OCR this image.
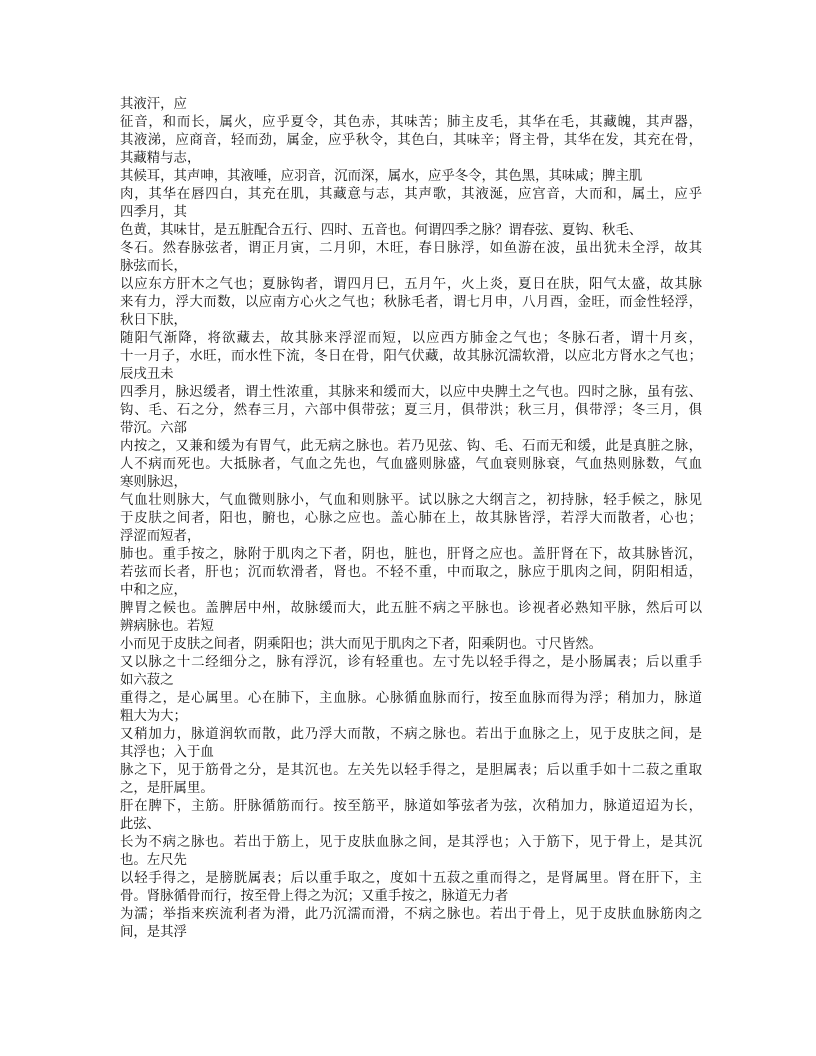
其液汗，应
征音，和而长，属火，应乎夏令，其色赤，其味苦；肺主皮毛，其华在毛，其藏魄，其声器，
其液涕，应商音，轻而劲，属金，应乎秋令，其色白，其味辛；肾主骨，其华在发，其充在骨，
其藏精与志，
其候耳，其声呻，其液唾，应羽音，沉而深，属水，应乎冬令，其色黑，其味咸；脾主肌
肉，其华在唇四白，其充在肌，其藏意与志，其声歌，其液涎，应宫音，大而和，属土，应乎
四季月，其
色黄，其味甘，是五脏配合五行、四时、五音也。何谓四季之脉？谓春弦、夏钩、秋毛、
冬石。然春脉弦者，谓正月寅，二月卯，木旺，春日脉浮，如鱼游在波，虽出犹未全浮，故其
脉弦而长，
以应东方肝木之气也；夏脉钩者，谓四月巳，五月午，火上炎，夏日在肤，阳气太盛，故其脉
来有力，浮大而数，以应南方心火之气也；秋脉毛者，谓七月申，八月酉，金旺，而金性轻浮，
秋日下肤，
随阳气渐降，将欲藏去，故其脉来浮涩而短，以应西方肺金之气也；冬脉石者，谓十月亥，
十一月子，水旺，而水性下流，冬日在骨，阳气伏藏，故其脉沉濡软滑，以应北方肾水之气也；
辰戌丑未
四季月，脉迟缓者，谓土性浓重，其脉来和缓而大，以应中央脾土之气也。四时之脉，虽有弦、
钩、毛、石之分，然春三月，六部中俱带弦；夏三月，俱带洪；秋三月，俱带浮；冬三月，俱
带沉。六部
内按之，又兼和缓为有胃气，此无病之脉也。若乃见弦、钩、毛、石而无和缓，此是真脏之脉，
人不病而死也。大抵脉者，气血之先也，气血盛则脉盛，气血衰则脉衰，气血热则脉数，气血
寒则脉迟，
气血壮则脉大，气血微则脉小，气血和则脉平。试以脉之大纲言之，初持脉，轻手候之，脉见
于皮肤之间者，阳也，腑也，心脉之应也。盖心肺在上，故其脉皆浮，若浮大而散者，心也；
浮涩而短者，
肺也。重手按之，脉附于肌肉之下者，阴也，脏也，肝肾之应也。盖肝肾在下，故其脉皆沉，
若弦而长者，肝也；沉而软滑者，肾也。不轻不重，中而取之，脉应于肌肉之间，阴阳相适，
中和之应，
脾胃之候也。盖脾居中州，故脉缓而大，此五脏不病之平脉也。诊视者必熟知平脉，然后可以
辨病脉也。若短
小而见于皮肤之间者，阴乘阳也；洪大而见于肌肉之下者，阳乘阴也。寸尺皆然。
又以脉之十二经细分之，脉有浮沉，诊有轻重也。左寸先以轻手得之，是小肠属表；后以重手
如六菽之
重得之，是心属里。心在肺下，主血脉。心脉循血脉而行，按至血脉而得为浮；稍加力，脉道
粗大为大；
又稍加力，脉道润软而散，此乃浮大而散，不病之脉也。若出于血脉之上，见于皮肤之间，是
其浮也；入于血
脉之下，见于筋骨之分，是其沉也。左关先以轻手得之，是胆属表；后以重手如十二菽之重取
之，是肝属里。
肝在脾下，主筋。肝脉循筋而行。按至筋平，脉道如筝弦者为弦，次稍加力，脉道迢迢为长，
此弦、
长为不病之脉也。若出于筋上，见于皮肤血脉之间，是其浮也；入于筋下，见于骨上，是其沉
也。左尺先
以轻手得之，是膀胱属表；后以重手取之，度如十五菽之重而得之，是肾属里。肾在肝下，主
骨。肾脉循骨而行，按至骨上得之为沉；又重手按之，脉道无力者
为濡；举指来疾流利者为滑，此乃沉濡而滑，不病之脉也。若出于骨上，见于皮肤血脉筋肉之
间，是其浮
